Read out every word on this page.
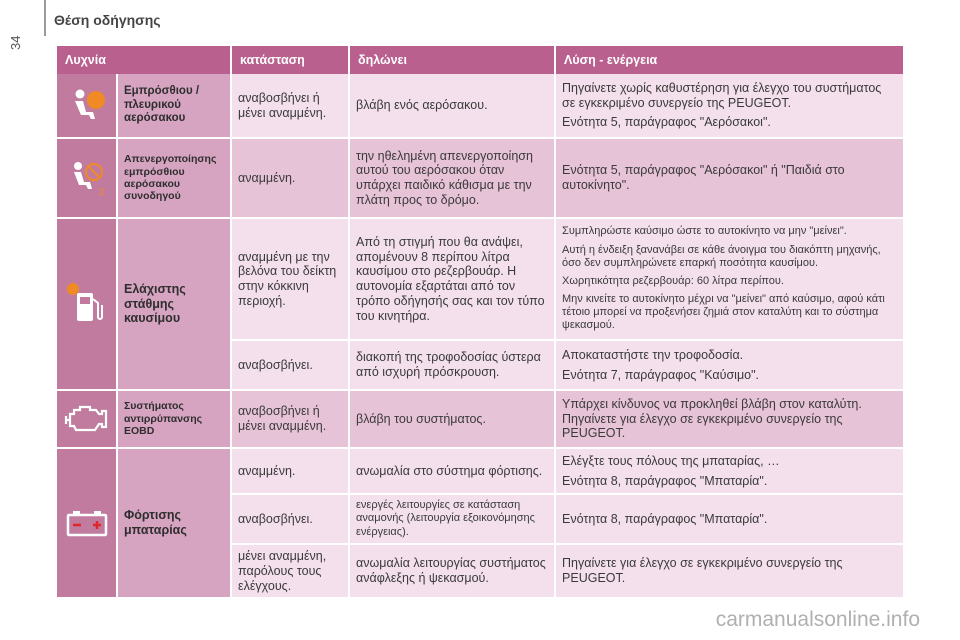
34
Θέση οδήγησης
Λυχνία		κατάσταση	δηλώνει	Λύση - ενέργεια

	Εμπρόσθιου / πλευρικού αερόσακου	αναβοσβήνει ή μένει αναμμένη.	βλάβη ενός αερόσακου.	Πηγαίνετε χωρίς καθυστέρηση για έλεγχο του συστήματος σε εγκεκριμένο συνεργείο της PEUGEOT.

Ενότητα 5, παράγραφος "Αερόσακοι".

2	Απενεργοποίησης εμπρόσθιου αερόσακου συνοδηγού	αναμμένη.	την ηθελημένη απενεργοποίηση αυτού του αερόσακου όταν υπάρχει παιδικό κάθισμα με την πλάτη προς το δρόμο.	Ενότητα 5, παράγραφος "Αερόσακοι" ή "Παιδιά στο αυτοκίνητο".

	Ελάχιστης στάθμης καυσίμου	αναμμένη με την βελόνα του δείκτη στην κόκκινη περιοχή.	Από τη στιγμή που θα ανάψει, απομένουν 8 περίπου λίτρα καυσίμου στο ρεζερβουάρ. Η αυτονομία εξαρτάται από τον τρόπο οδήγησής σας και τον τύπο του κινητήρα.	Συμπληρώστε καύσιμο ώστε το αυτοκίνητο να μην "μείνει".

Αυτή η ένδειξη ξανανάβει σε κάθε άνοιγμα του διακόπτη μηχανής, όσο δεν συμπληρώνετε επαρκή ποσότητα καυσίμου.

Χωρητικότητα ρεζερβουάρ: 60 λίτρα περίπου.

Μην κινείτε το αυτοκίνητο μέχρι να "μείνει" από καύσιμο, αφού κάτι τέτοιο μπορεί να προξενήσει ζημιά στον καταλύτη και το σύστημα ψεκασμού.

		αναβοσβήνει.	διακοπή της τροφοδοσίας ύστερα από ισχυρή πρόσκρουση.	Αποκαταστήστε την τροφοδοσία.

Ενότητα 7, παράγραφος "Καύσιμο".

	Συστήματος αντιρρύπανσης EOBD	αναβοσβήνει ή μένει αναμμένη.	βλάβη του συστήματος.	Υπάρχει κίνδυνος να προκληθεί βλάβη στον καταλύτη. Πηγαίνετε για έλεγχο σε εγκεκριμένο συνεργείο της PEUGEOT.

	Φόρτισης μπαταρίας	αναμμένη.	ανωμαλία στο σύστημα φόρτισης.	Ελέγξτε τους πόλους της μπαταρίας, …

Ενότητα 8, παράγραφος "Μπαταρία".

		αναβοσβήνει.	ενεργές λειτουργίες σε κατάσταση αναμονής (λειτουργία εξοικονόμησης ενέργειας).	Ενότητα 8, παράγραφος "Μπαταρία".

		μένει αναμμένη, παρόλους τους ελέγχους.	ανωμαλία λειτουργίας συστήματος ανάφλεξης ή ψεκασμού.	Πηγαίνετε για έλεγχο σε εγκεκριμένο συνεργείο της PEUGEOT.

carmanualsonline.info
